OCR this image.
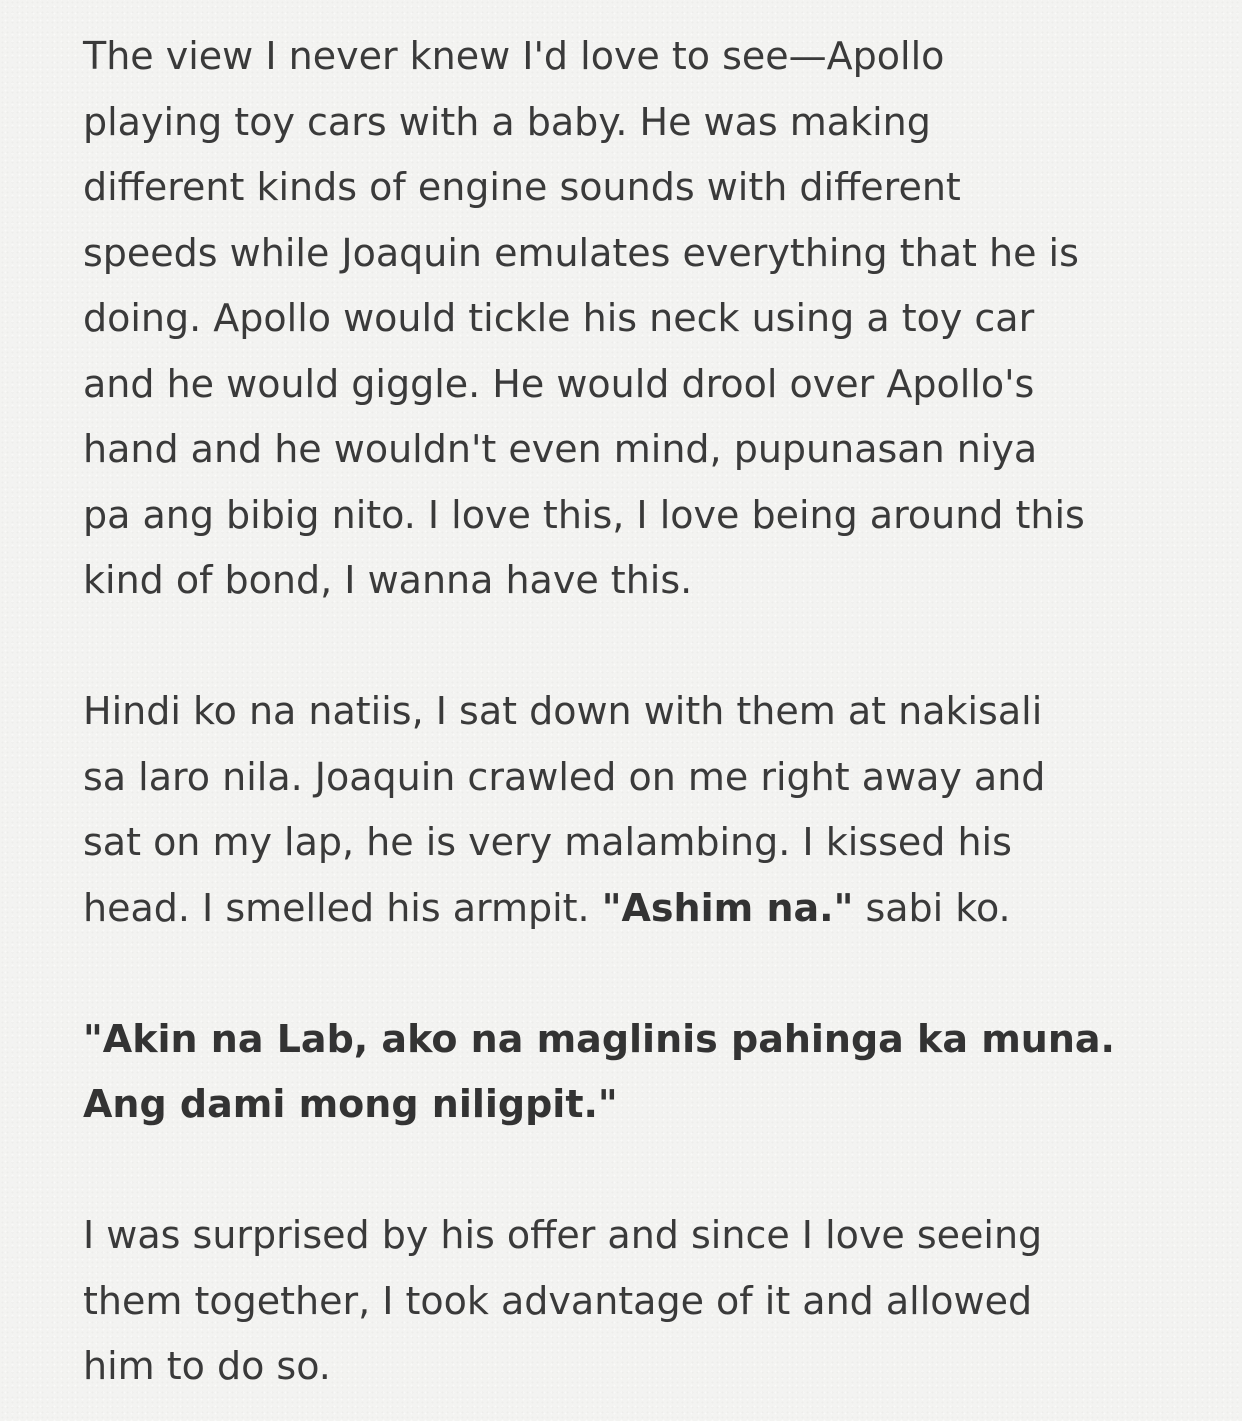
The view I never knew I'd love to see—Apollo
playing toy cars with a baby. He was making
different kinds of engine sounds with different
speeds while Joaquin emulates everything that he is
doing. Apollo would tickle his neck using a toy car
and he would giggle. He would drool over Apollo's
hand and he wouldn't even mind, pupunasan niya
pa ang bibig nito. I love this, I love being around this
kind of bond, I wanna have this.

Hindi ko na natiis, I sat down with them at nakisali
sa laro nila. Joaquin crawled on me right away and
sat on my lap, he is very malambing. I kissed his
head. I smelled his armpit. "Ashim na." sabi ko.

"Akin na Lab, ako na maglinis pahinga ka muna.
Ang dami mong niligpit."

I was surprised by his offer and since I love seeing
them together, I took advantage of it and allowed
him to do so.
